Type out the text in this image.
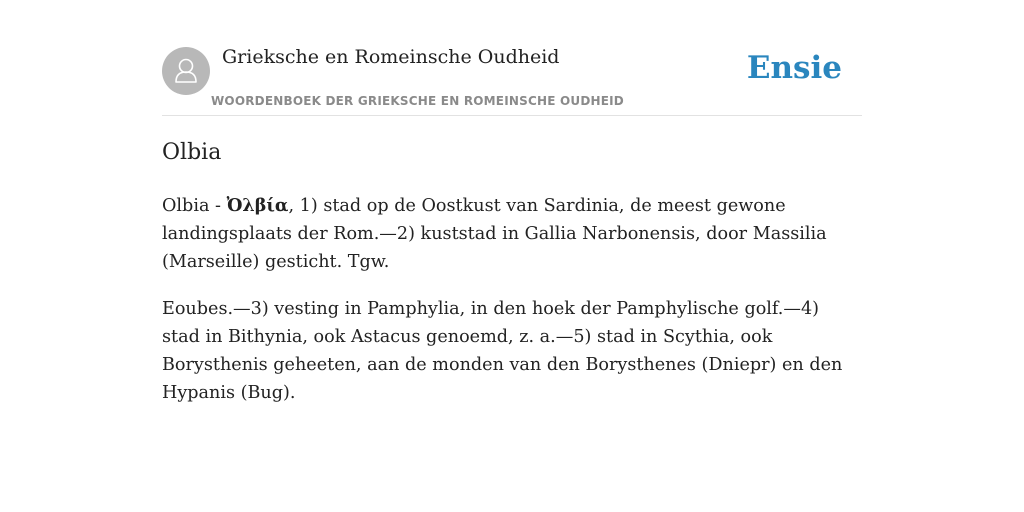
Grieksche en Romeinsche Oudheid
WOORDENBOEK DER GRIEKSCHE EN ROMEINSCHE OUDHEID
Ensie
Olbia

Olbia - Ὀλβία, 1) stad op de Oostkust van Sardinia, de meest gewone landingsplaats der Rom.—2) kuststad in Gallia Narbonensis, door Massilia (Marseille) gesticht. Tgw.

Eoubes.—3) vesting in Pamphylia, in den hoek der Pamphylische golf.—4) stad in Bithynia, ook Astacus genoemd, z. a.—5) stad in Scythia, ook Borysthenis geheeten, aan de monden van den Borysthenes (Dniepr) en den Hypanis (Bug).
